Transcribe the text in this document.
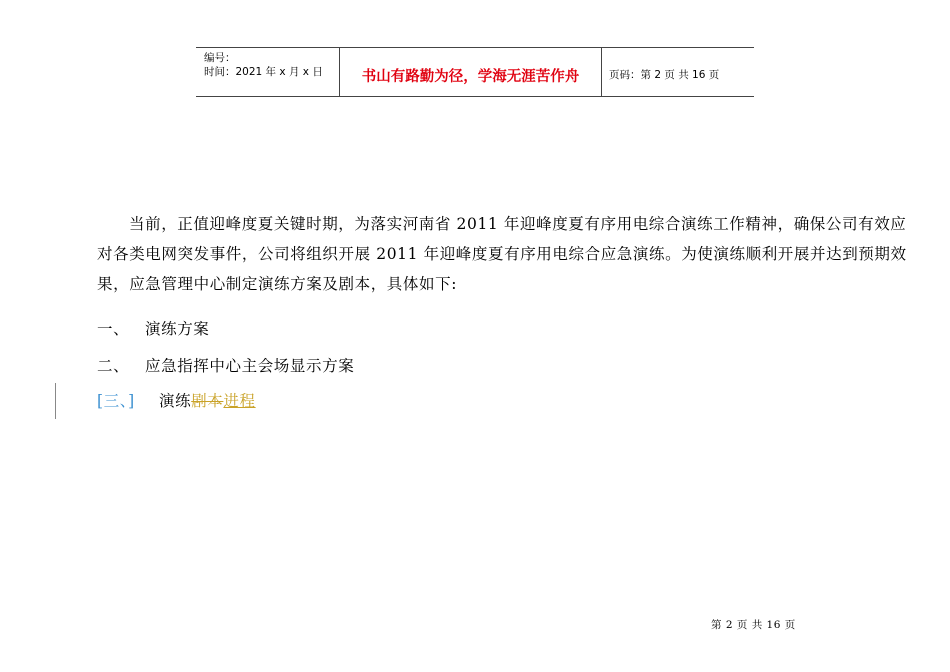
编号：
时间：2021 年 x 月 x 日	书山有路勤为径，学海无涯苦作舟	页码：第 2 页 共 16 页
当前，正值迎峰度夏关键时期，为落实河南省 2011 年迎峰度夏有序用电综合演练工作精神，确保公司有效应对各类电网突发事件，公司将组织开展 2011 年迎峰度夏有序用电综合应急演练。为使演练顺利开展并达到预期效果，应急管理中心制定演练方案及剧本，具体如下:
一、 演练方案
二、 应急指挥中心主会场显示方案
[三、] 演练剧本进程
第 2 页 共 16 页
